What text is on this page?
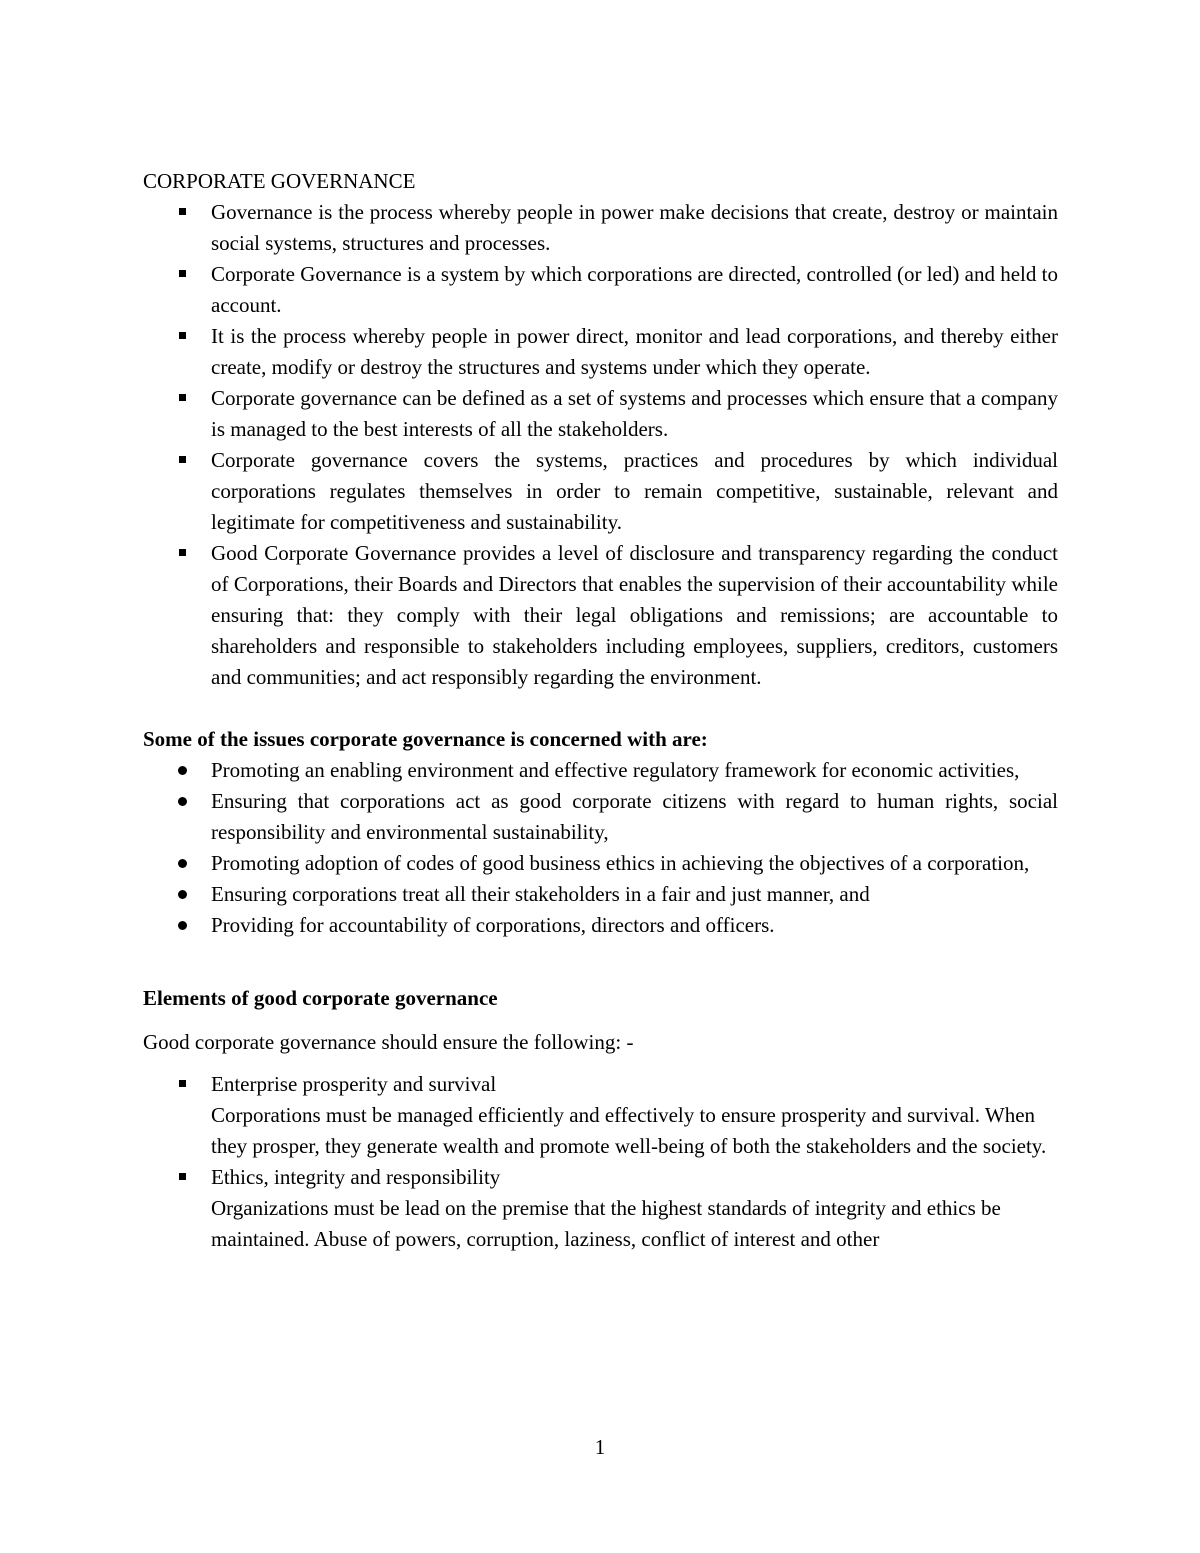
CORPORATE GOVERNANCE

Governance is the process whereby people in power make decisions that create, destroy or maintain social systems, structures and processes.
Corporate Governance is a system by which corporations are directed, controlled (or led) and held to account.
It is the process whereby people in power direct, monitor and lead corporations, and thereby either create, modify or destroy the structures and systems under which they operate.
Corporate governance can be defined as a set of systems and processes which ensure that a company is managed to the best interests of all the stakeholders.
Corporate governance covers the systems, practices and procedures by which individual corporations regulates themselves in order to remain competitive, sustainable, relevant and legitimate for competitiveness and sustainability.
Good Corporate Governance provides a level of disclosure and transparency regarding the conduct of Corporations, their Boards and Directors that enables the supervision of their accountability while ensuring that: they comply with their legal obligations and remissions; are accountable to shareholders and responsible to stakeholders including employees, suppliers, creditors, customers and communities; and act responsibly regarding the environment.

Some of the issues corporate governance is concerned with are:

Promoting an enabling environment and effective regulatory framework for economic activities,
Ensuring that corporations act as good corporate citizens with regard to human rights, social responsibility and environmental sustainability,
Promoting adoption of codes of good business ethics in achieving the objectives of a corporation,
Ensuring corporations treat all their stakeholders in a fair and just manner, and
Providing for accountability of corporations, directors and officers.

Elements of good corporate governance

Good corporate governance should ensure the following: -

Enterprise prosperity and survival
Corporations must be managed efficiently and effectively to ensure prosperity and survival. When they prosper, they generate wealth and promote well-being of both the stakeholders and the society.
Ethics, integrity and responsibility
Organizations must be lead on the premise that the highest standards of integrity and ethics be maintained. Abuse of powers, corruption, laziness, conflict of interest and other
1
